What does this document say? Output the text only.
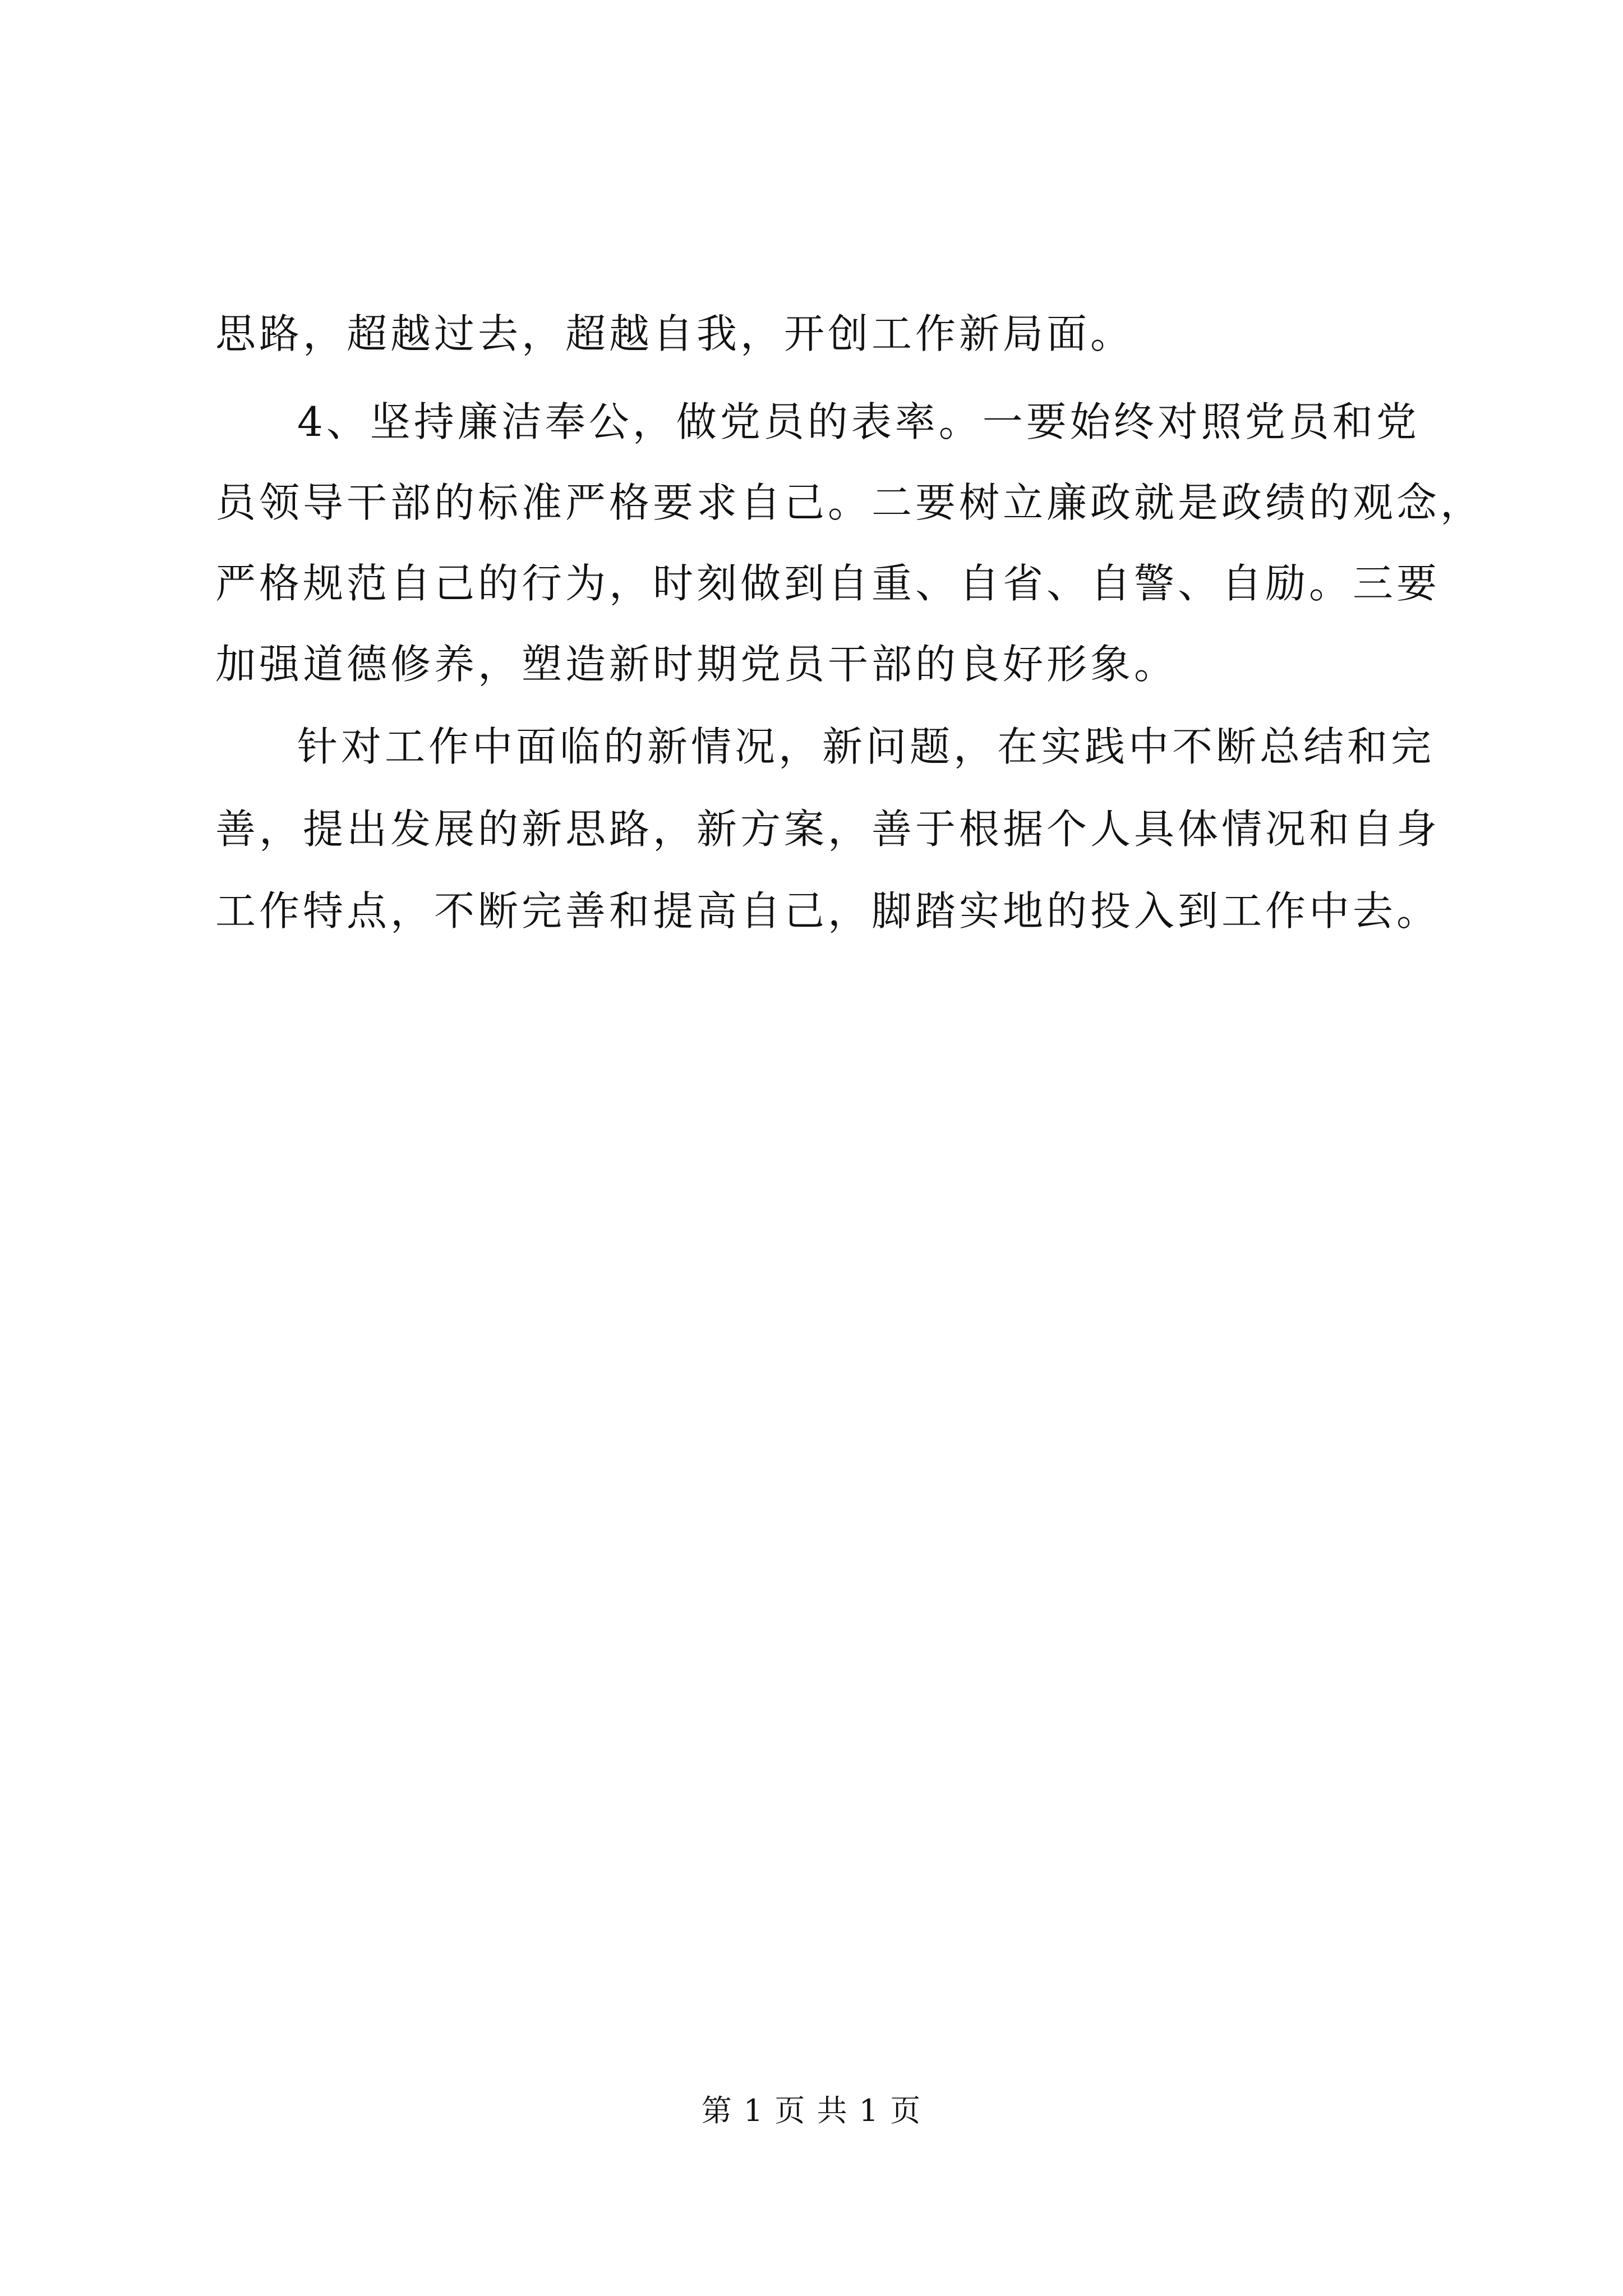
思路，超越过去，超越自我，开创工作新局面。
4、坚持廉洁奉公，做党员的表率。一要始终对照党员和党
员领导干部的标准严格要求自己。二要树立廉政就是政绩的观念，
严格规范自己的行为，时刻做到自重、自省、自警、自励。三要
加强道德修养，塑造新时期党员干部的良好形象。
针对工作中面临的新情况，新问题，在实践中不断总结和完
善，提出发展的新思路，新方案，善于根据个人具体情况和自身
工作特点，不断完善和提高自己，脚踏实地的投入到工作中去。
第 1 页 共 1 页
